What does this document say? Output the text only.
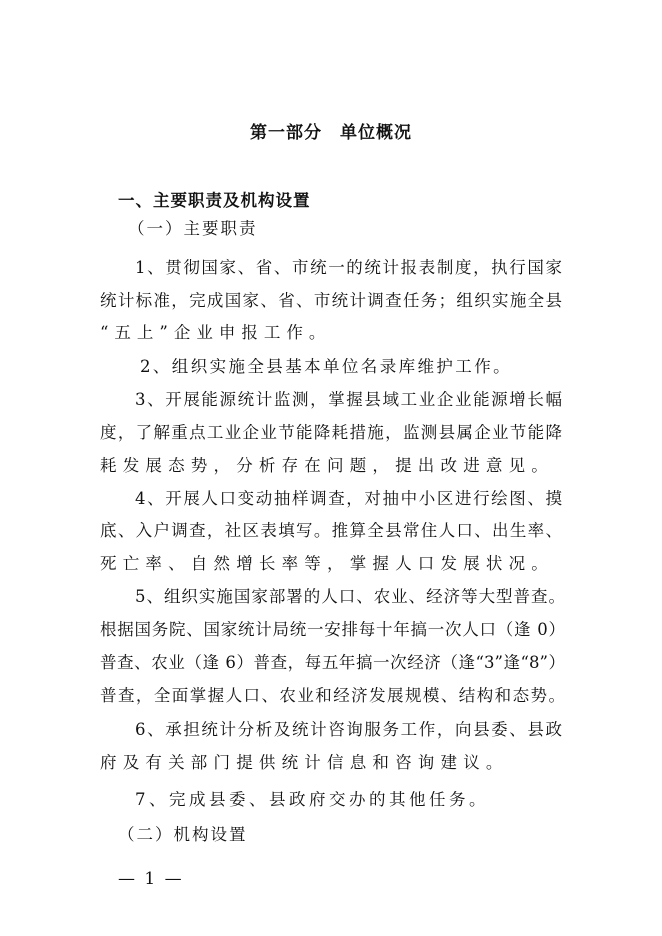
第一部分　单位概况
一、主要职责及机构设置
（一）主要职责
1、贯彻国家、省、市统一的统计报表制度，执行国家
统计标准，完成国家、省、市统计调查任务；组织实施全县
“五上”企业申报工作。
2、组织实施全县基本单位名录库维护工作。
3、开展能源统计监测，掌握县域工业企业能源增长幅
度，了解重点工业企业节能降耗措施，监测县属企业节能降
耗发展态势，分析存在问题，提出改进意见。
4、开展人口变动抽样调查，对抽中小区进行绘图、摸
底、入户调查，社区表填写。推算全县常住人口、出生率、
死亡率、自然增长率等，掌握人口发展状况。
5、组织实施国家部署的人口、农业、经济等大型普查。
根据国务院、国家统计局统一安排每十年搞一次人口（逢 0）
普查、农业（逢 6）普查，每五年搞一次经济（逢“3”逢“8”）
普查，全面掌握人口、农业和经济发展规模、结构和态势。
6、承担统计分析及统计咨询服务工作，向县委、县政
府及有关部门提供统计信息和咨询建议。
7、完成县委、县政府交办的其他任务。
（二）机构设置
— 1 —
